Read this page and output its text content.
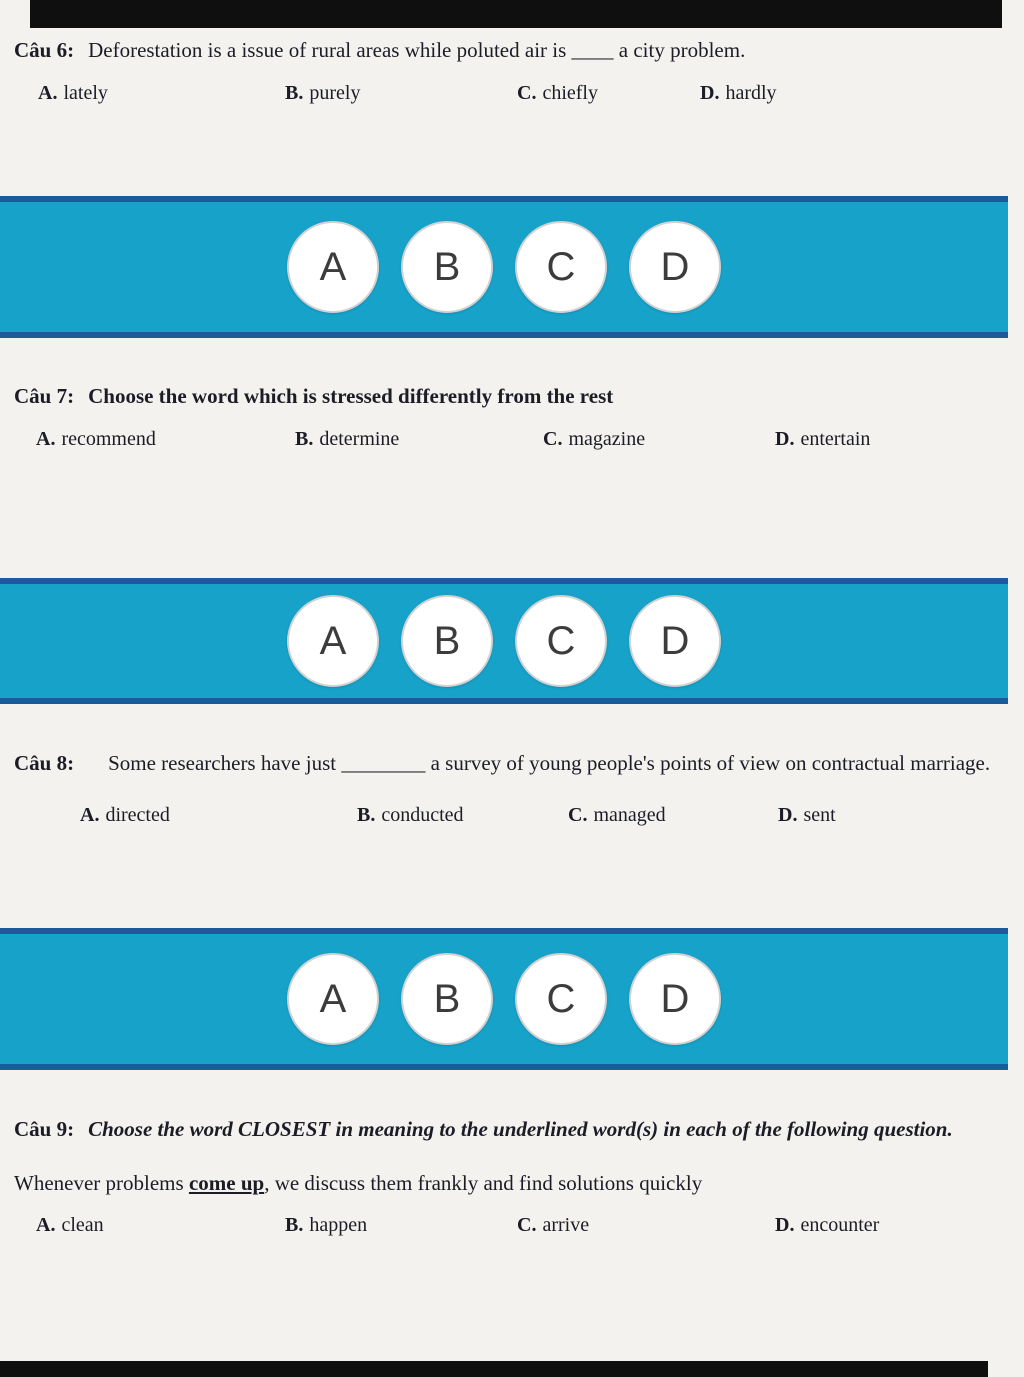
Câu 6: Deforestation is a issue of rural areas while poluted air is ____ a city problem.

A. lately	B. purely	C. chiefly	D. hardly
A	B	C	D

Câu 7: Choose the word which is stressed differently from the rest

A. recommend	B. determine	C. magazine	D. entertain
A	B	C	D

Câu 8: Some researchers have just ________ a survey of young people's points of view on contractual marriage.

A. directed	B. conducted	C. managed	D. sent
A	B	C	D

Câu 9: Choose the word CLOSEST in meaning to the underlined word(s) in each of the following question.

Whenever problems come up, we discuss them frankly and find solutions quickly

A. clean	B. happen	C. arrive	D. encounter
